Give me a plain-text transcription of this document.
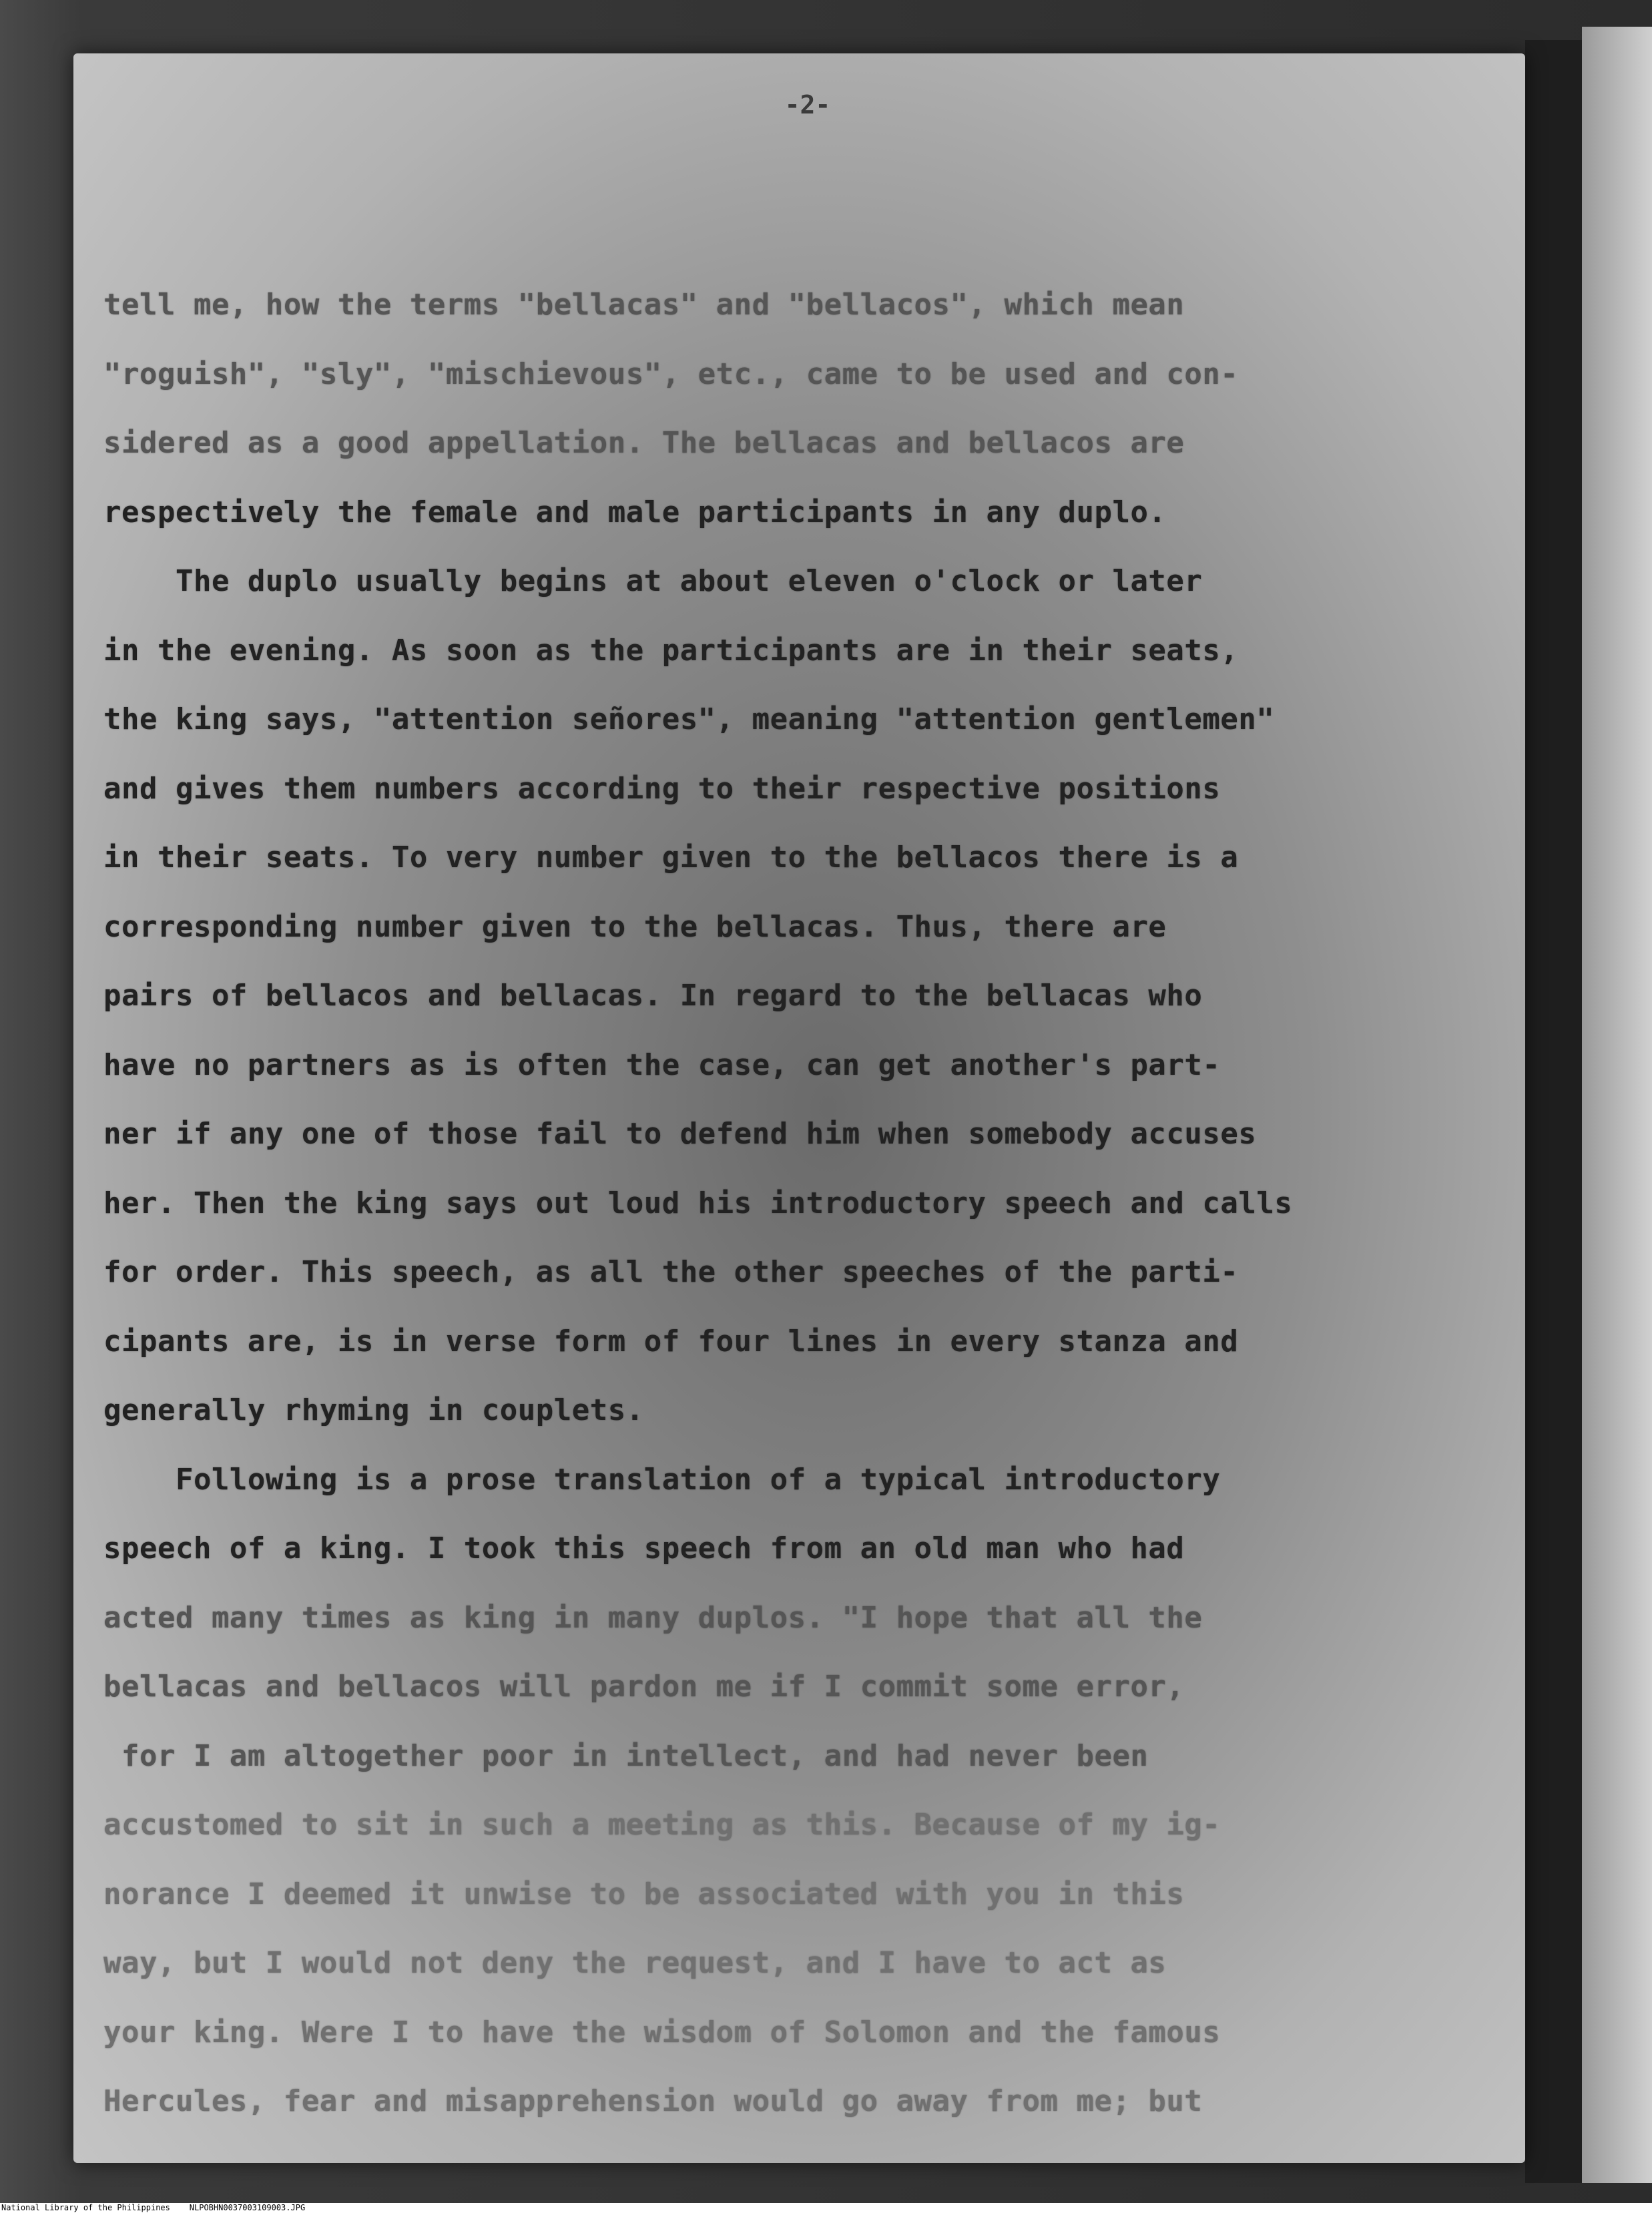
-2-
tell me, how the terms "bellacas" and "bellacos", which mean
"roguish", "sly", "mischievous", etc., came to be used and con-
sidered as a good appellation. The bellacas and bellacos are
respectively the female and male participants in any duplo.
The duplo usually begins at about eleven o'clock or later
in the evening. As soon as the participants are in their seats,
the king says, "attention señores", meaning "attention gentlemen"
and gives them numbers according to their respective positions
in their seats. To very number given to the bellacos there is a
corresponding number given to the bellacas. Thus, there are
pairs of bellacos and bellacas. In regard to the bellacas who
have no partners as is often the case, can get another's part-
ner if any one of those fail to defend him when somebody accuses
her. Then the king says out loud his introductory speech and calls
for order. This speech, as all the other speeches of the parti-
cipants are, is in verse form of four lines in every stanza and
generally rhyming in couplets.
Following is a prose translation of a typical introductory
speech of a king. I took this speech from an old man who had
acted many times as king in many duplos. "I hope that all the
bellacas and bellacos will pardon me if I commit some error,
for I am altogether poor in intellect, and had never been
accustomed to sit in such a meeting as this. Because of my ig-
norance I deemed it unwise to be associated with you in this
way, but I would not deny the request, and I have to act as
your king. Were I to have the wisdom of Solomon and the famous
Hercules, fear and misapprehension would go away from me; but
National Library of the Philippines NLPOBHN0037003109003.JPG
